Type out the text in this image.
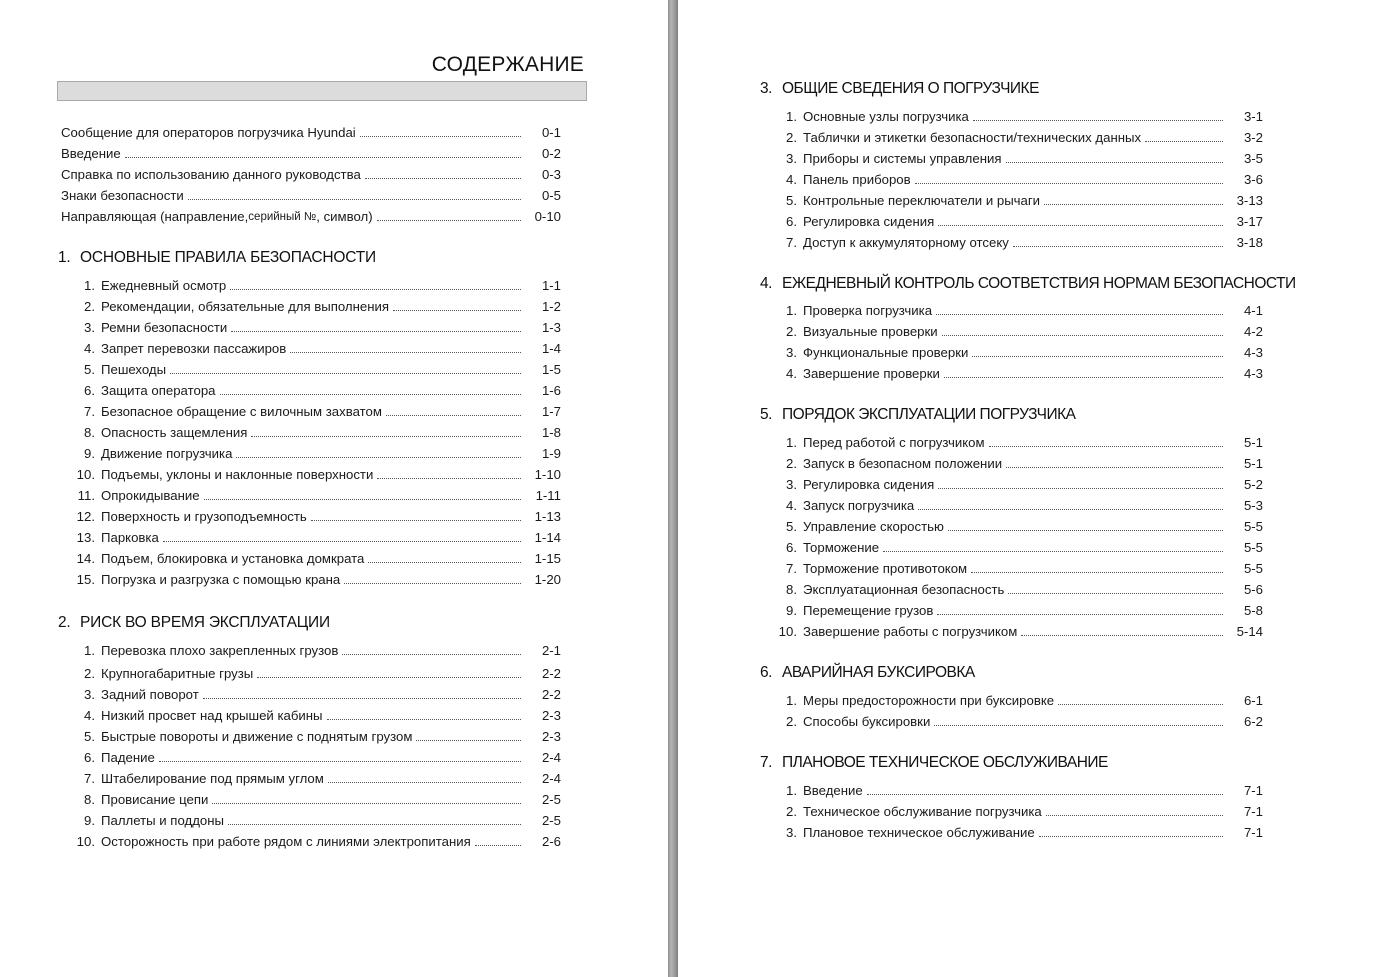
СОДЕРЖАНИЕ
Сообщение для операторов погрузчика Hyundai	0-1
Введение	0-2
Справка по использованию данного руководства	0-3
Знаки безопасности	0-5
Направляющая (направление, серийный № , символ)	0-10
1. ОСНОВНЫЕ ПРАВИЛА БЕЗОПАСНОСТИ
1. Ежедневный осмотр	1-1
2. Рекомендации, обязательные для выполнения	1-2
3. Ремни безопасности	1-3
4. Запрет перевозки пассажиров	1-4
5. Пешеходы	1-5
6. Защита оператора	1-6
7. Безопасное обращение с вилочным захватом	1-7
8. Опасность защемления	1-8
9. Движение погрузчика	1-9
10. Подъемы, уклоны и наклонные поверхности	1-10
11. Опрокидывание	1-11
12. Поверхность и грузоподъемность	1-13
13. Парковка	1-14
14. Подъем, блокировка и установка домкрата	1-15
15. Погрузка и разгрузка с помощью крана	1-20
2. РИСК ВО ВРЕМЯ ЭКСПЛУАТАЦИИ
1. Перевозка плохо закрепленных грузов	2-1
2. Крупногабаритные грузы	2-2
3. Задний поворот	2-2
4. Низкий просвет над крышей кабины	2-3
5. Быстрые повороты и движение с поднятым грузом	2-3
6. Падение	2-4
7. Штабелирование под прямым углом	2-4
8. Провисание цепи	2-5
9. Паллеты и поддоны	2-5
10. Осторожность при работе рядом с линиями электропитания	2-6
3. ОБЩИЕ СВЕДЕНИЯ О ПОГРУЗЧИКЕ
1. Основные узлы погрузчика	3-1
2. Таблички и этикетки безопасности/технических данных	3-2
3. Приборы и системы управления	3-5
4. Панель приборов	3-6
5. Контрольные переключатели и рычаги	3-13
6. Регулировка сидения	3-17
7. Доступ к аккумуляторному отсеку	3-18
4. ЕЖЕДНЕВНЫЙ КОНТРОЛЬ СООТВЕТСТВИЯ НОРМАМ БЕЗОПАСНОСТИ
1. Проверка погрузчика	4-1
2. Визуальные проверки	4-2
3. Функциональные проверки	4-3
4. Завершение проверки	4-3
5. ПОРЯДОК ЭКСПЛУАТАЦИИ ПОГРУЗЧИКА
1. Перед работой с погрузчиком	5-1
2. Запуск в безопасном положении	5-1
3. Регулировка сидения	5-2
4. Запуск погрузчика	5-3
5. Управление скоростью	5-5
6. Торможение	5-5
7. Торможение противотоком	5-5
8. Эксплуатационная безопасность	5-6
9. Перемещение грузов	5-8
10. Завершение работы с погрузчиком	5-14
6. АВАРИЙНАЯ БУКСИРОВКА
1. Меры предосторожности при буксировке	6-1
2. Способы буксировки	6-2
7. ПЛАНОВОЕ ТЕХНИЧЕСКОЕ ОБСЛУЖИВАНИЕ
1. Введение	7-1
2. Техническое обслуживание погрузчика	7-1
3. Плановое техническое обслуживание	7-1
